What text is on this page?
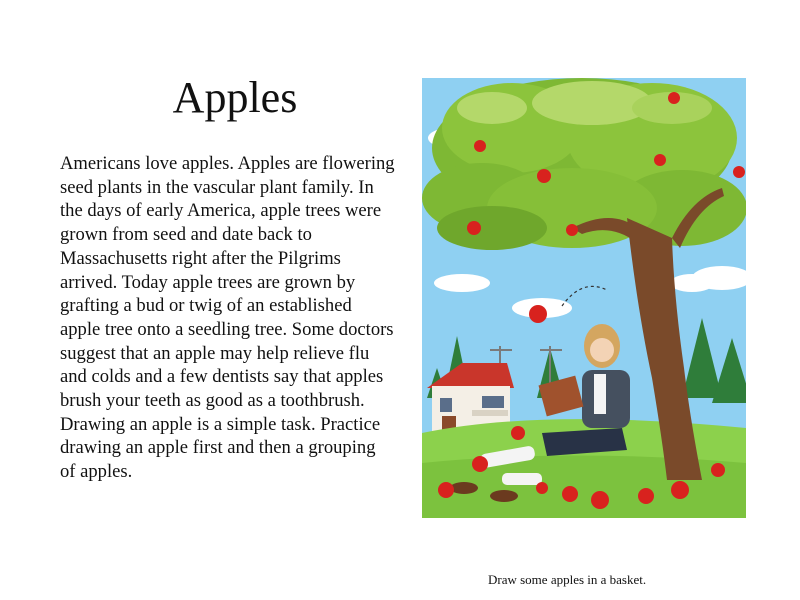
Apples

Americans love apples. Apples are flowering seed plants in the vascular plant family. In the days of early America, apple trees were grown from seed and date back to Massachusetts right after the Pilgrims arrived. Today apple trees are grown by grafting a bud or twig of an established apple tree onto a seedling tree. Some doctors suggest that an apple may help relieve flu and colds and a few dentists say that apples brush your teeth as good as a toothbrush. Drawing an apple is a simple task. Practice drawing an apple first and then a grouping of apples.

Draw some apples in a basket.
